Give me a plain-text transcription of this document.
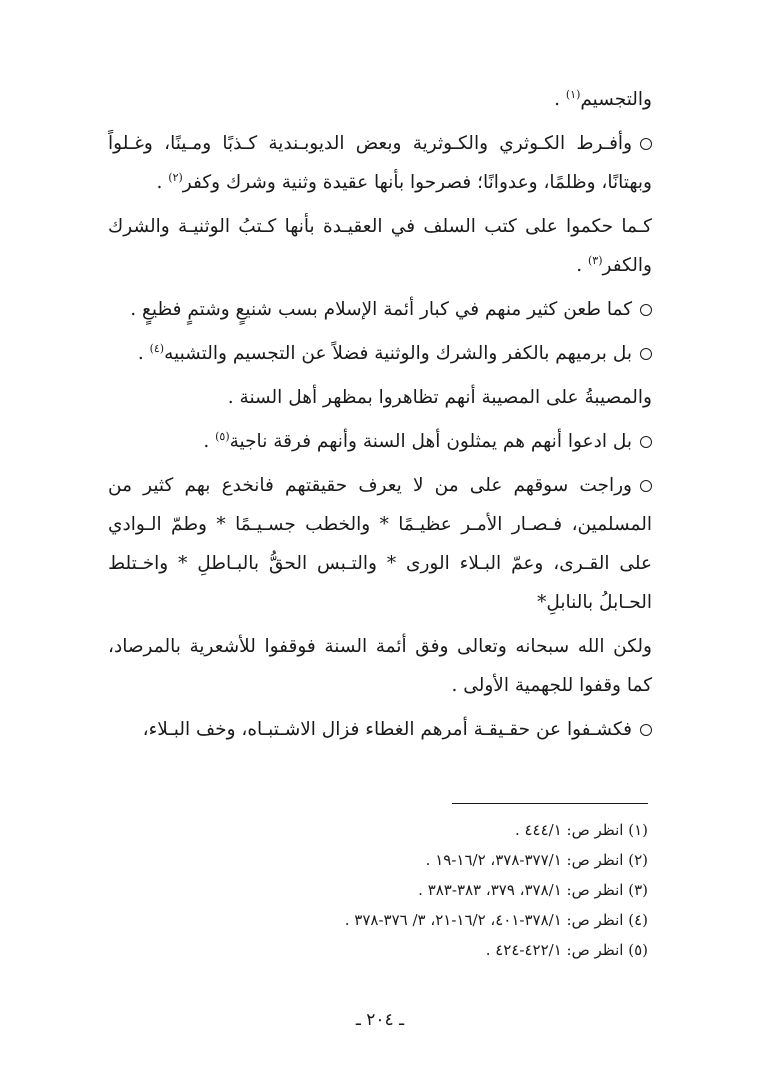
والتجسيم$^{(١)}$ .

وأفـرط الكـوثري والكـوثرية وبعض الديوبـندية كـذبًا ومـينًا، وغـلواً وبهتانًا، وظلمًا، وعدوانًا؛ فصرحوا بأنها عقيدة وثنية وشرك وكفر$^{(٢)}$ .

كـما حكموا على كتب السلف في العقيـدة بأنها كـتبُ الوثنيـة والشرك والكفر$^{(٣)}$ .

كما طعن كثير منهم في كبار أئمة الإسلام بسب شنيعٍ وشتمٍ فظيعٍ .

بل برميهم بالكفر والشرك والوثنية فضلاً عن التجسيم والتشبيه$^{(٤)}$ .

والمصيبةُ على المصيبة أنهم تظاهروا بمظهر أهل السنة .

بل ادعوا أنهم هم يمثلون أهل السنة وأنهم فرقة ناجية$^{(٥)}$ .

وراجت سوقهم على من لا يعرف حقيقتهم فانخدع بهم كثير من المسلمين، فـصـار الأمـر عظيـمًا * والخطب جسـيـمًا * وطمّ الـوادي على القـرى، وعمّ البـلاء الورى * والتـبس الحقُّ بالبـاطلِ * واخـتلط الحـابلُ بالنابلِ*

ولكن الله سبحانه وتعالى وفق أئمة السنة فوقفوا للأشعرية بالمرصاد، كما وقفوا للجهمية الأولى .

فكشـفوا عن حقـيقـة أمرهم الغطاء فزال الاشـتبـاه، وخف البـلاء،

(١) انظر ص: ٤٤٤/١ .

(٢) انظر ص: ٣٧٧/١-٣٧٨، ١٦/٢-١٩ .

(٣) انظر ص: ٣٧٨/١، ٣٧٩، ٣٨٣-٣٨٣ .

(٤) انظر ص: ٣٧٨/١-٤٠١، ١٦/٢-٢١، ٣/ ٣٧٦-٣٧٨ .

(٥) انظر ص: ٤٢٢/١-٤٢٤ .

ـ ٢٠٤ ـ
